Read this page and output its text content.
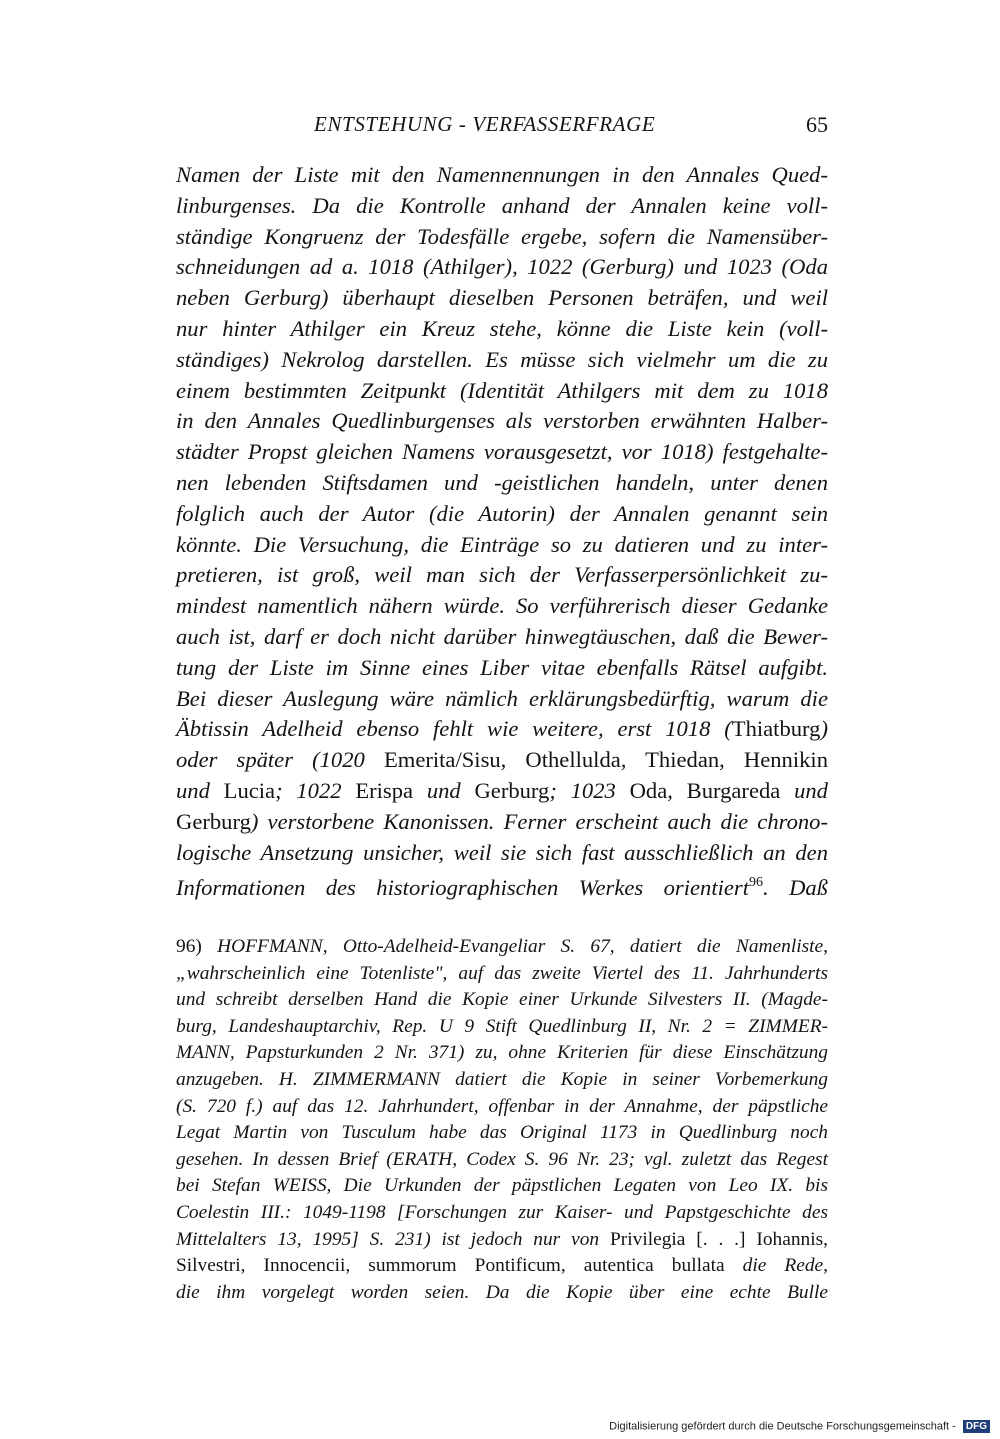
ENTSTEHUNG - VERFASSERFRAGE	65
Namen der Liste mit den Namennennungen in den Annales Qued-
linburgenses. Da die Kontrolle anhand der Annalen keine voll-
ständige Kongruenz der Todesfälle ergebe, sofern die Namensüber-
schneidungen ad a. 1018 (Athilger), 1022 (Gerburg) und 1023 (Oda
neben Gerburg) überhaupt dieselben Personen beträfen, und weil
nur hinter Athilger ein Kreuz stehe, könne die Liste kein (voll-
ständiges) Nekrolog darstellen. Es müsse sich vielmehr um die zu
einem bestimmten Zeitpunkt (Identität Athilgers mit dem zu 1018
in den Annales Quedlinburgenses als verstorben erwähnten Halber-
städter Propst gleichen Namens vorausgesetzt, vor 1018) festgehalte-
nen lebenden Stiftsdamen und -geistlichen handeln, unter denen
folglich auch der Autor (die Autorin) der Annalen genannt sein
könnte. Die Versuchung, die Einträge so zu datieren und zu inter-
pretieren, ist groß, weil man sich der Verfasserpersönlichkeit zu-
mindest namentlich nähern würde. So verführerisch dieser Gedanke
auch ist, darf er doch nicht darüber hinwegtäuschen, daß die Bewer-
tung der Liste im Sinne eines Liber vitae ebenfalls Rätsel aufgibt.
Bei dieser Auslegung wäre nämlich erklärungsbedürftig, warum die
Äbtissin Adelheid ebenso fehlt wie weitere, erst 1018 (Thiatburg)
oder später (1020 Emerita/Sisu, Othellulda, Thiedan, Hennikin
und Lucia; 1022 Erispa und Gerburg; 1023 Oda, Burgareda und
Gerburg) verstorbene Kanonissen. Ferner erscheint auch die chrono-
logische Ansetzung unsicher, weil sie sich fast ausschließlich an den
Informationen des historiographischen Werkes orientiert$^{96}$. Daß
96) HOFFMANN, Otto-Adelheid-Evangeliar S. 67, datiert die Namenliste,
„wahrscheinlich eine Totenliste", auf das zweite Viertel des 11. Jahrhunderts
und schreibt derselben Hand die Kopie einer Urkunde Silvesters II. (Magde-
burg, Landeshauptarchiv, Rep. U 9 Stift Quedlinburg II, Nr. 2 = ZIMMER-
MANN, Papsturkunden 2 Nr. 371) zu, ohne Kriterien für diese Einschätzung
anzugeben. H. ZIMMERMANN datiert die Kopie in seiner Vorbemerkung
(S. 720 f.) auf das 12. Jahrhundert, offenbar in der Annahme, der päpstliche
Legat Martin von Tusculum habe das Original 1173 in Quedlinburg noch
gesehen. In dessen Brief (ERATH, Codex S. 96 Nr. 23; vgl. zuletzt das Regest
bei Stefan WEISS, Die Urkunden der päpstlichen Legaten von Leo IX. bis
Coelestin III.: 1049-1198 [Forschungen zur Kaiser- und Papstgeschichte des
Mittelalters 13, 1995] S. 231) ist jedoch nur von Privilegia [. . .] Iohannis,
Silvestri, Innocencii, summorum Pontificum, autentica bullata die Rede,
die ihm vorgelegt worden seien. Da die Kopie über eine echte Bulle
Digitalisierung gefördert durch die Deutsche Forschungsgemeinschaft - DFG
